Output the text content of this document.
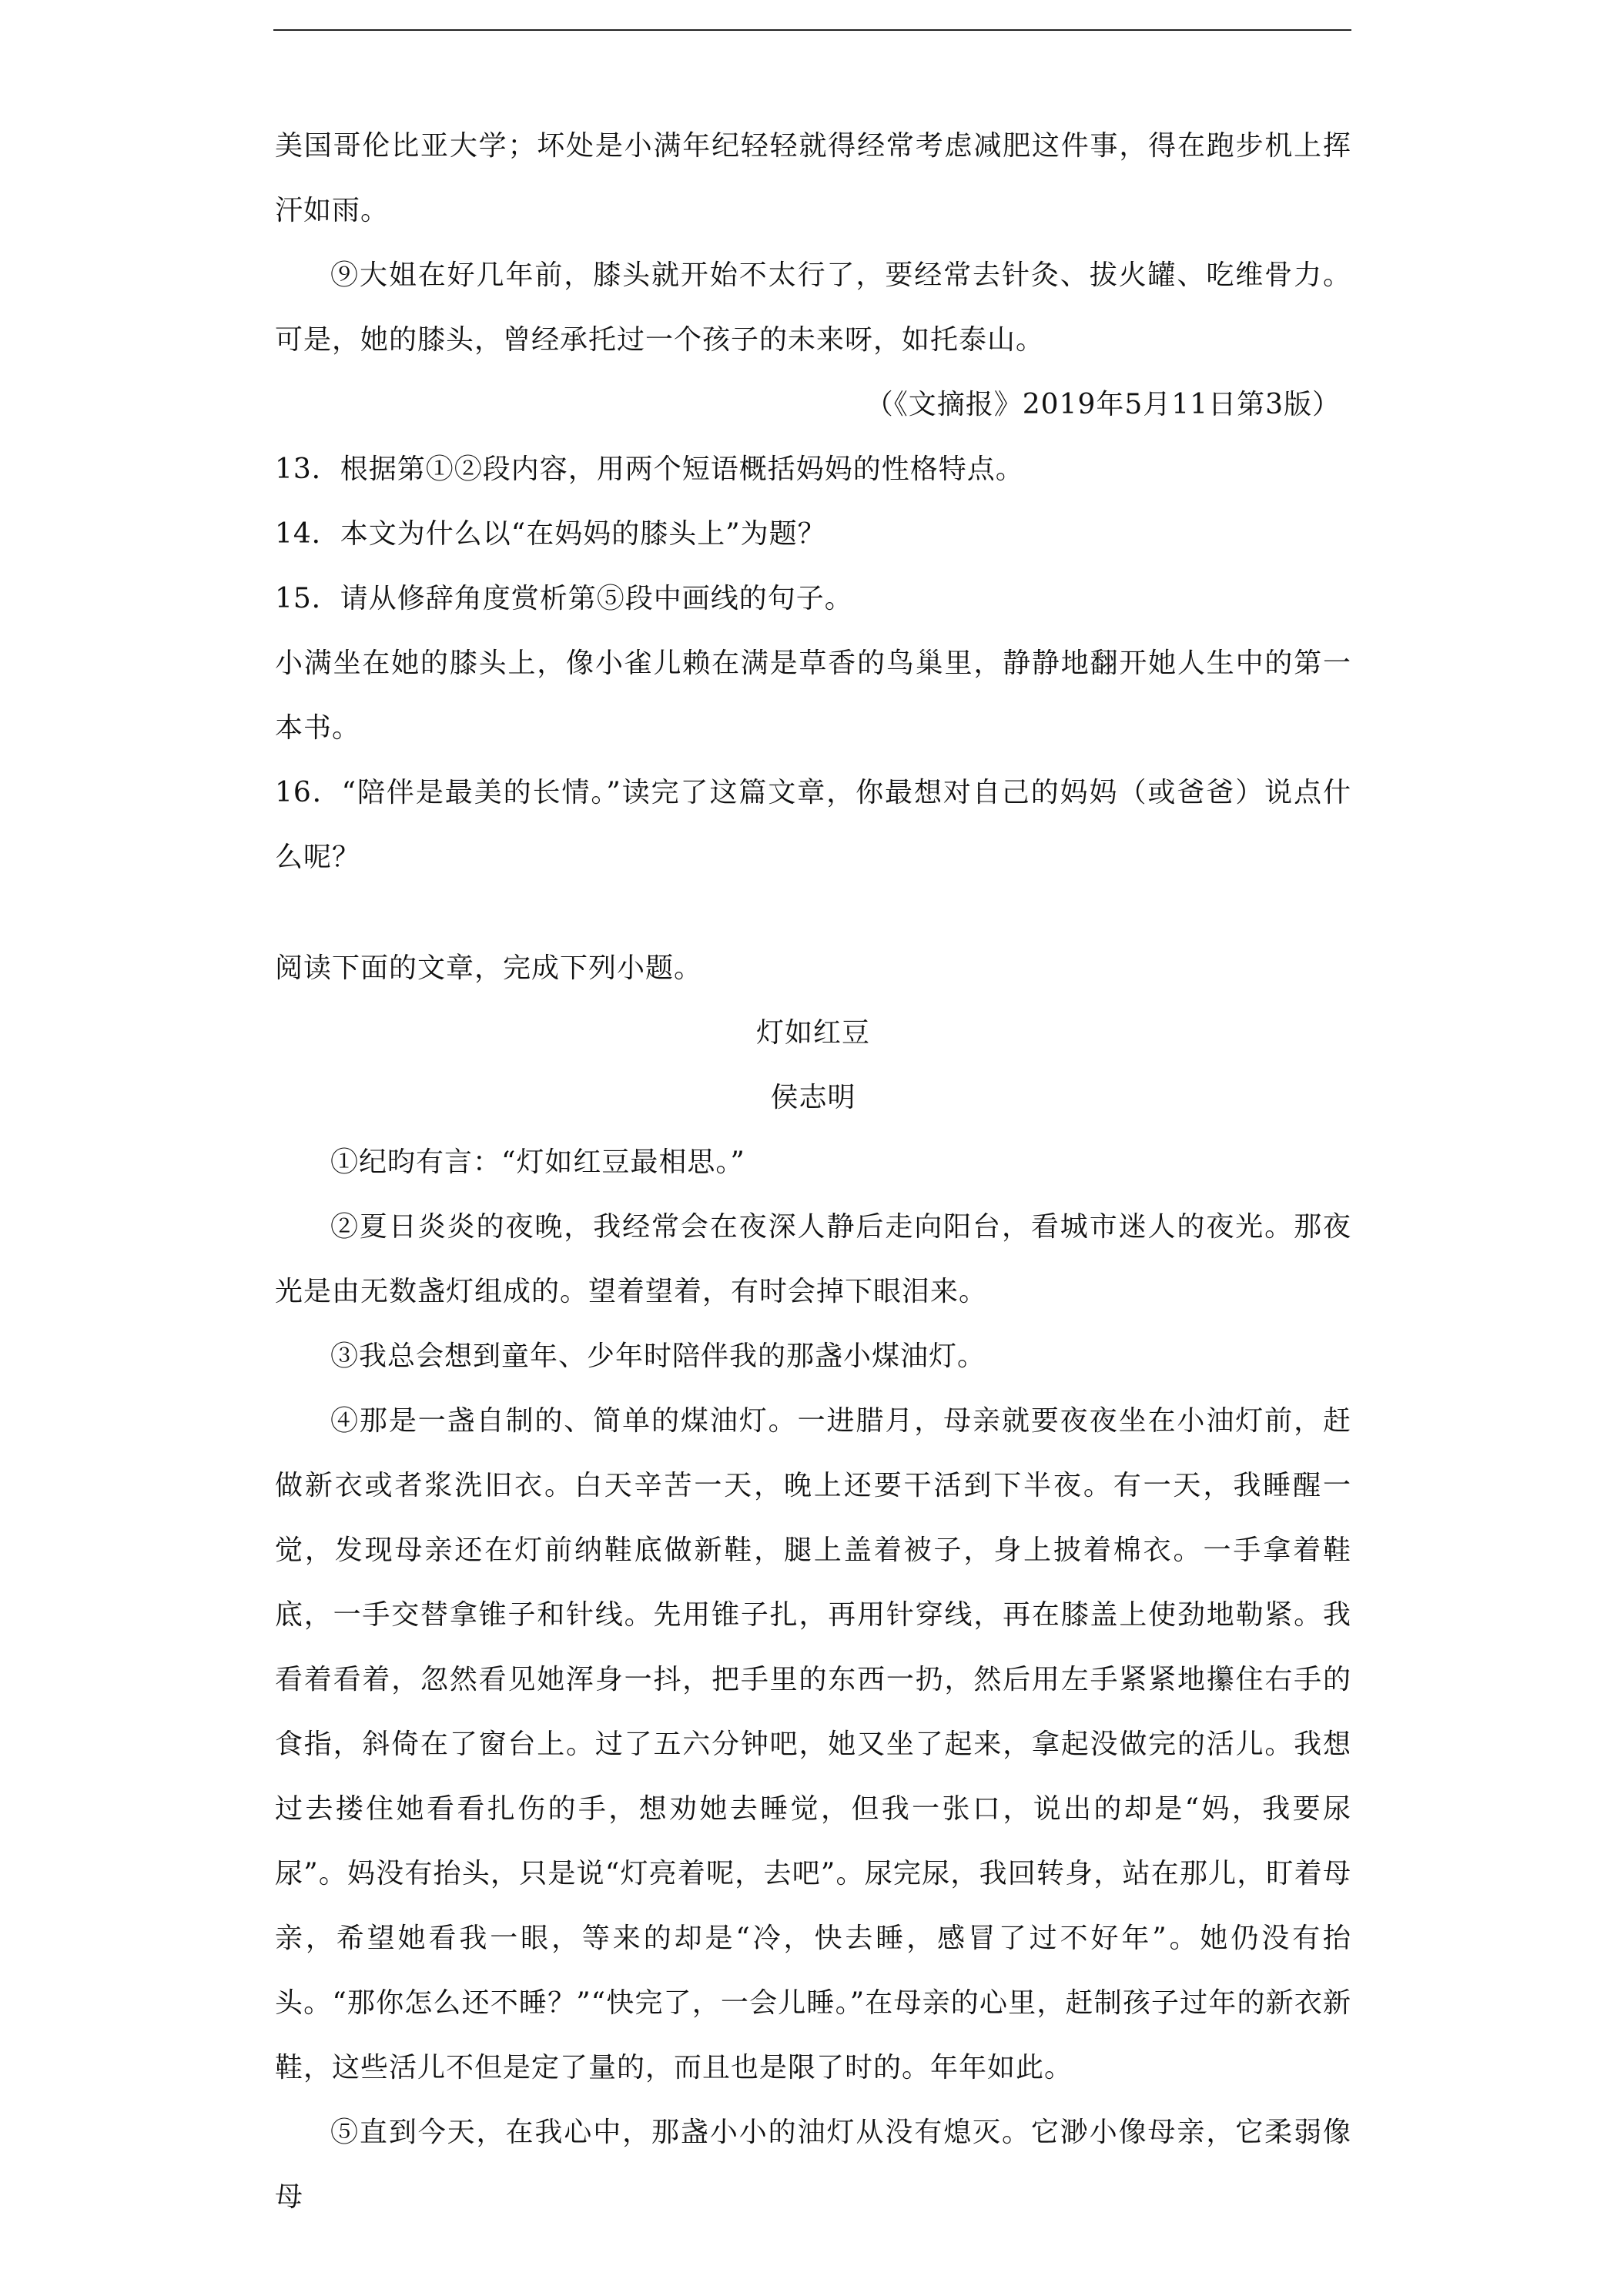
美国哥伦比亚大学；坏处是小满年纪轻轻就得经常考虑减肥这件事，得在跑步机上挥汗如雨。

⑨大姐在好几年前，膝头就开始不太行了，要经常去针灸、拔火罐、吃维骨力。可是，她的膝头，曾经承托过一个孩子的未来呀，如托泰山。

（《文摘报》2019年5月11日第3版）

13．根据第①②段内容，用两个短语概括妈妈的性格特点。

14．本文为什么以“在妈妈的膝头上”为题？

15．请从修辞角度赏析第⑤段中画线的句子。

小满坐在她的膝头上，像小雀儿赖在满是草香的鸟巢里，静静地翻开她人生中的第一本书。

16．“陪伴是最美的长情。”读完了这篇文章，你最想对自己的妈妈（或爸爸）说点什么呢？

阅读下面的文章，完成下列小题。

灯如红豆

侯志明

①纪昀有言：“灯如红豆最相思。”

②夏日炎炎的夜晚，我经常会在夜深人静后走向阳台，看城市迷人的夜光。那夜光是由无数盏灯组成的。望着望着，有时会掉下眼泪来。

③我总会想到童年、少年时陪伴我的那盏小煤油灯。

④那是一盏自制的、简单的煤油灯。一进腊月，母亲就要夜夜坐在小油灯前，赶做新衣或者浆洗旧衣。白天辛苦一天，晚上还要干活到下半夜。有一天，我睡醒一觉，发现母亲还在灯前纳鞋底做新鞋，腿上盖着被子，身上披着棉衣。一手拿着鞋底，一手交替拿锥子和针线。先用锥子扎，再用针穿线，再在膝盖上使劲地勒紧。我看着看着，忽然看见她浑身一抖，把手里的东西一扔，然后用左手紧紧地攥住右手的食指，斜倚在了窗台上。过了五六分钟吧，她又坐了起来，拿起没做完的活儿。我想过去搂住她看看扎伤的手，想劝她去睡觉，但我一张口，说出的却是“妈，我要尿尿”。妈没有抬头，只是说“灯亮着呢，去吧”。尿完尿，我回转身，站在那儿，盯着母亲，希望她看我一眼，等来的却是“冷，快去睡，感冒了过不好年”。她仍没有抬头。“那你怎么还不睡？”“快完了，一会儿睡。”在母亲的心里，赶制孩子过年的新衣新鞋，这些活儿不但是定了量的，而且也是限了时的。年年如此。

⑤直到今天，在我心中，那盏小小的油灯从没有熄灭。它渺小像母亲，它柔弱像母
